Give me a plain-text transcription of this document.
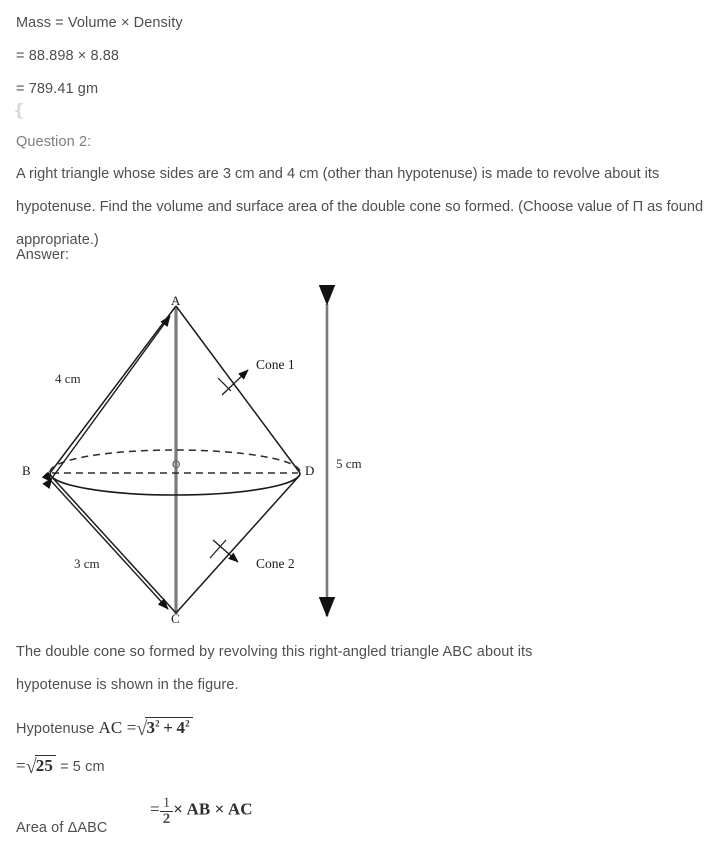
Mass = Volume × Density
= 88.898 × 8.88
= 789.41 gm
❴
Question 2:
A right triangle whose sides are 3 cm and 4 cm (other than hypotenuse) is made to revolve about its hypotenuse. Find the volume and surface area of the double cone so formed. (Choose value of Π as found appropriate.)
Answer:
A
C
B	D
O
4 cm
3 cm
5 cm
Cone 1
Cone 2
The double cone so formed by revolving this right-angled triangle ABC about its
hypotenuse is shown in the figure.
Hypotenuse AC $=√3^2 + 4^2$
=√25 = 5 cm
Area of ΔABC
= $\frac{1}{2}$ × AB × AC
